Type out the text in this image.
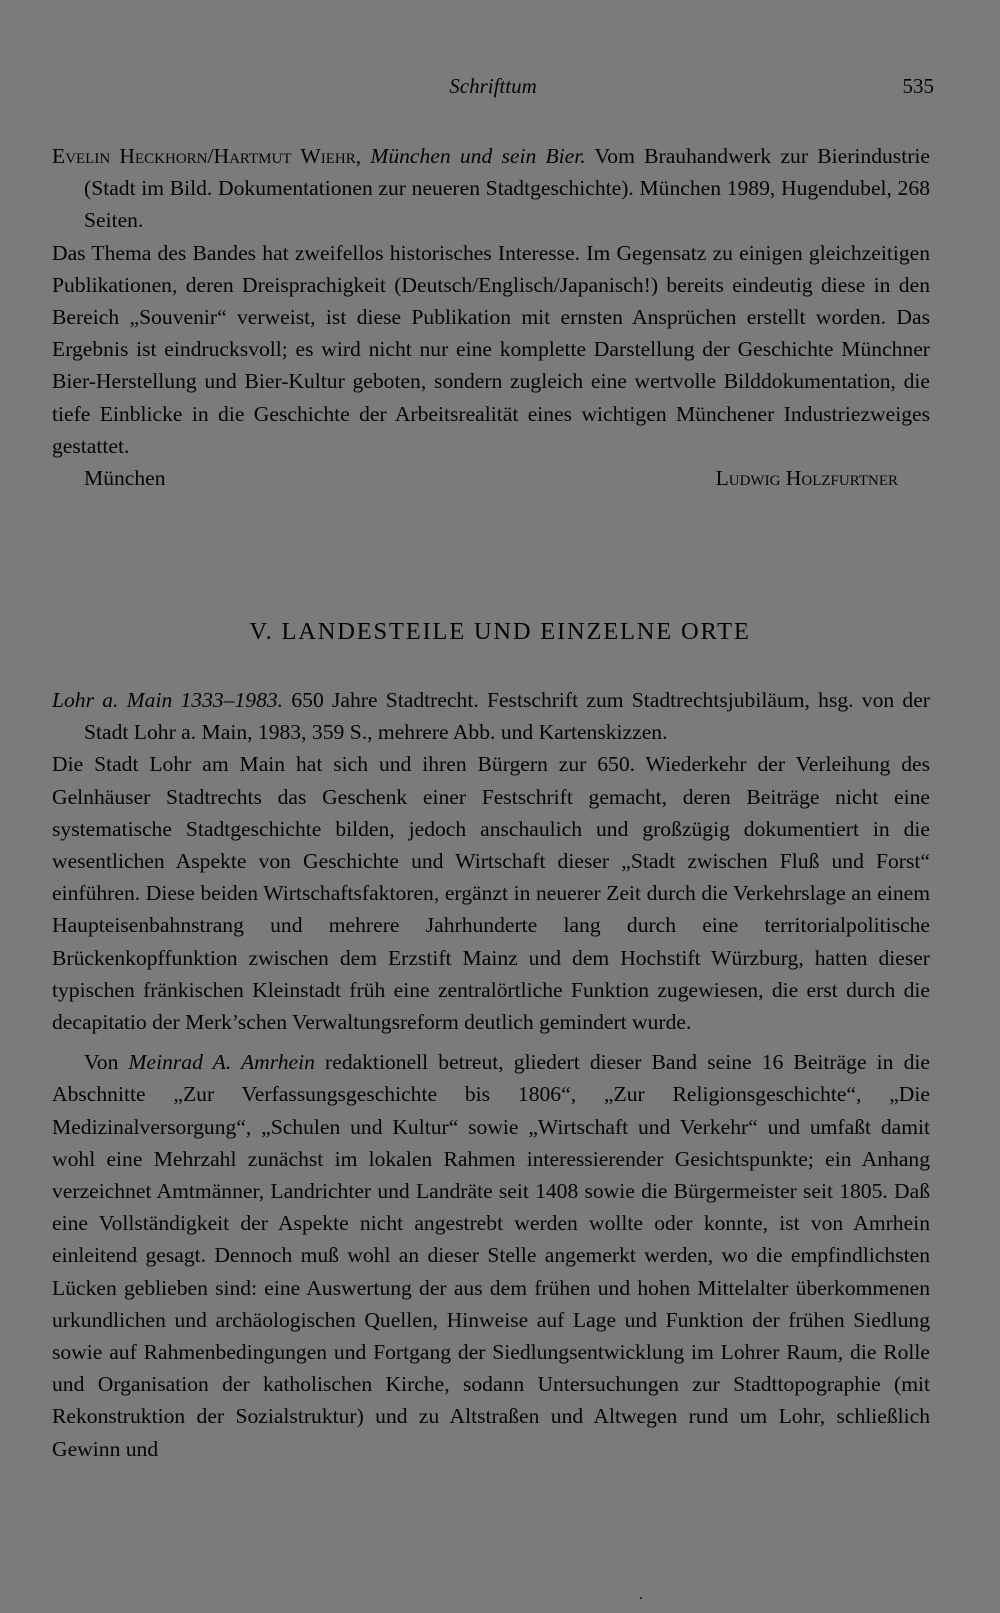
Schrifttum	535
Evelin Heckhorn/Hartmut Wiehr, München und sein Bier. Vom Brauhandwerk zur Bierindustrie (Stadt im Bild. Dokumentationen zur neueren Stadtgeschichte). München 1989, Hugendubel, 268 Seiten.

Das Thema des Bandes hat zweifellos historisches Interesse. Im Gegensatz zu einigen gleichzeitigen Publikationen, deren Dreisprachigkeit (Deutsch/Englisch/Japanisch!) bereits eindeutig diese in den Bereich „Souvenir“ verweist, ist diese Publikation mit ernsten Ansprüchen erstellt worden. Das Ergebnis ist eindrucksvoll; es wird nicht nur eine komplette Darstellung der Geschichte Münchner Bier-Herstellung und Bier-Kultur geboten, sondern zugleich eine wertvolle Bilddokumentation, die tiefe Einblicke in die Geschichte der Arbeitsrealität eines wichtigen Münchener Industriezweiges gestattet.

München	Ludwig Holzfurtner
V. LANDESTEILE UND EINZELNE ORTE
Lohr a. Main 1333–1983. 650 Jahre Stadtrecht. Festschrift zum Stadtrechtsjubiläum, hsg. von der Stadt Lohr a. Main, 1983, 359 S., mehrere Abb. und Kartenskizzen.

Die Stadt Lohr am Main hat sich und ihren Bürgern zur 650. Wiederkehr der Verleihung des Gelnhäuser Stadtrechts das Geschenk einer Festschrift gemacht, deren Beiträge nicht eine systematische Stadtgeschichte bilden, jedoch anschaulich und großzügig dokumentiert in die wesentlichen Aspekte von Geschichte und Wirtschaft dieser „Stadt zwischen Fluß und Forst“ einführen. Diese beiden Wirtschaftsfaktoren, ergänzt in neuerer Zeit durch die Verkehrslage an einem Haupteisenbahnstrang und mehrere Jahrhunderte lang durch eine territorialpolitische Brückenkopffunktion zwischen dem Erzstift Mainz und dem Hochstift Würzburg, hatten dieser typischen fränkischen Kleinstadt früh eine zentralörtliche Funktion zugewiesen, die erst durch die decapitatio der Merk’schen Verwaltungsreform deutlich gemindert wurde.

Von Meinrad A. Amrhein redaktionell betreut, gliedert dieser Band seine 16 Beiträge in die Abschnitte „Zur Verfassungsgeschichte bis 1806“, „Zur Religionsgeschichte“, „Die Medizinalversorgung“, „Schulen und Kultur“ sowie „Wirtschaft und Verkehr“ und umfaßt damit wohl eine Mehrzahl zunächst im lokalen Rahmen interessierender Gesichtspunkte; ein Anhang verzeichnet Amtmänner, Landrichter und Landräte seit 1408 sowie die Bürgermeister seit 1805. Daß eine Vollständigkeit der Aspekte nicht angestrebt werden wollte oder konnte, ist von Amrhein einleitend gesagt. Dennoch muß wohl an dieser Stelle angemerkt werden, wo die empfindlichsten Lücken geblieben sind: eine Auswertung der aus dem frühen und hohen Mittelalter überkommenen urkundlichen und archäologischen Quellen, Hinweise auf Lage und Funktion der frühen Siedlung sowie auf Rahmenbedingungen und Fortgang der Siedlungsentwicklung im Lohrer Raum, die Rolle und Organisation der katholischen Kirche, sodann Untersuchungen zur Stadttopographie (mit Rekonstruktion der Sozialstruktur) und zu Altstraßen und Altwegen rund um Lohr, schließlich Gewinn und
